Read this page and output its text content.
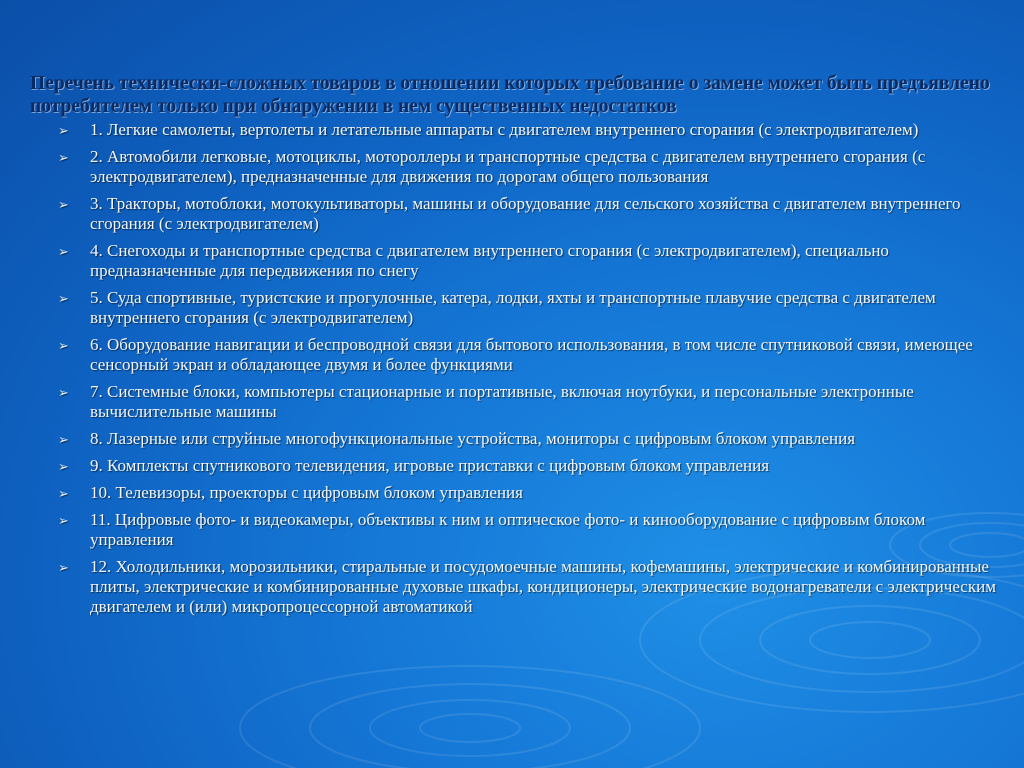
Перечень технически-сложных товаров в отношении которых требование о замене может быть предъявлено потребителем только при обнаружении в нем существенных недостатков
➢ 1. Легкие самолеты, вертолеты и летательные аппараты с двигателем внутреннего сгорания (с электродвигателем)
➢ 2. Автомобили легковые, мотоциклы, мотороллеры и транспортные средства с двигателем внутреннего сгорания (с электродвигателем), предназначенные для движения по дорогам общего пользования
➢ 3. Тракторы, мотоблоки, мотокультиваторы, машины и оборудование для сельского хозяйства с двигателем внутреннего сгорания (с электродвигателем)
➢ 4. Снегоходы и транспортные средства с двигателем внутреннего сгорания (с электродвигателем), специально предназначенные для передвижения по снегу
➢ 5. Суда спортивные, туристские и прогулочные, катера, лодки, яхты и транспортные плавучие средства с двигателем внутреннего сгорания (с электродвигателем)
➢ 6. Оборудование навигации и беспроводной связи для бытового использования, в том числе спутниковой связи, имеющее сенсорный экран и обладающее двумя и более функциями
➢ 7. Системные блоки, компьютеры стационарные и портативные, включая ноутбуки, и персональные электронные вычислительные машины
➢ 8. Лазерные или струйные многофункциональные устройства, мониторы с цифровым блоком управления
➢ 9. Комплекты спутникового телевидения, игровые приставки с цифровым блоком управления
➢ 10. Телевизоры, проекторы с цифровым блоком управления
➢ 11. Цифровые фото- и видеокамеры, объективы к ним и оптическое фото- и кинооборудование с цифровым блоком управления
➢ 12. Холодильники, морозильники, стиральные и посудомоечные машины, кофемашины, электрические и комбинированные плиты, электрические и комбинированные духовые шкафы, кондиционеры, электрические водонагреватели с электрическим двигателем и (или) микропроцессорной автоматикой
